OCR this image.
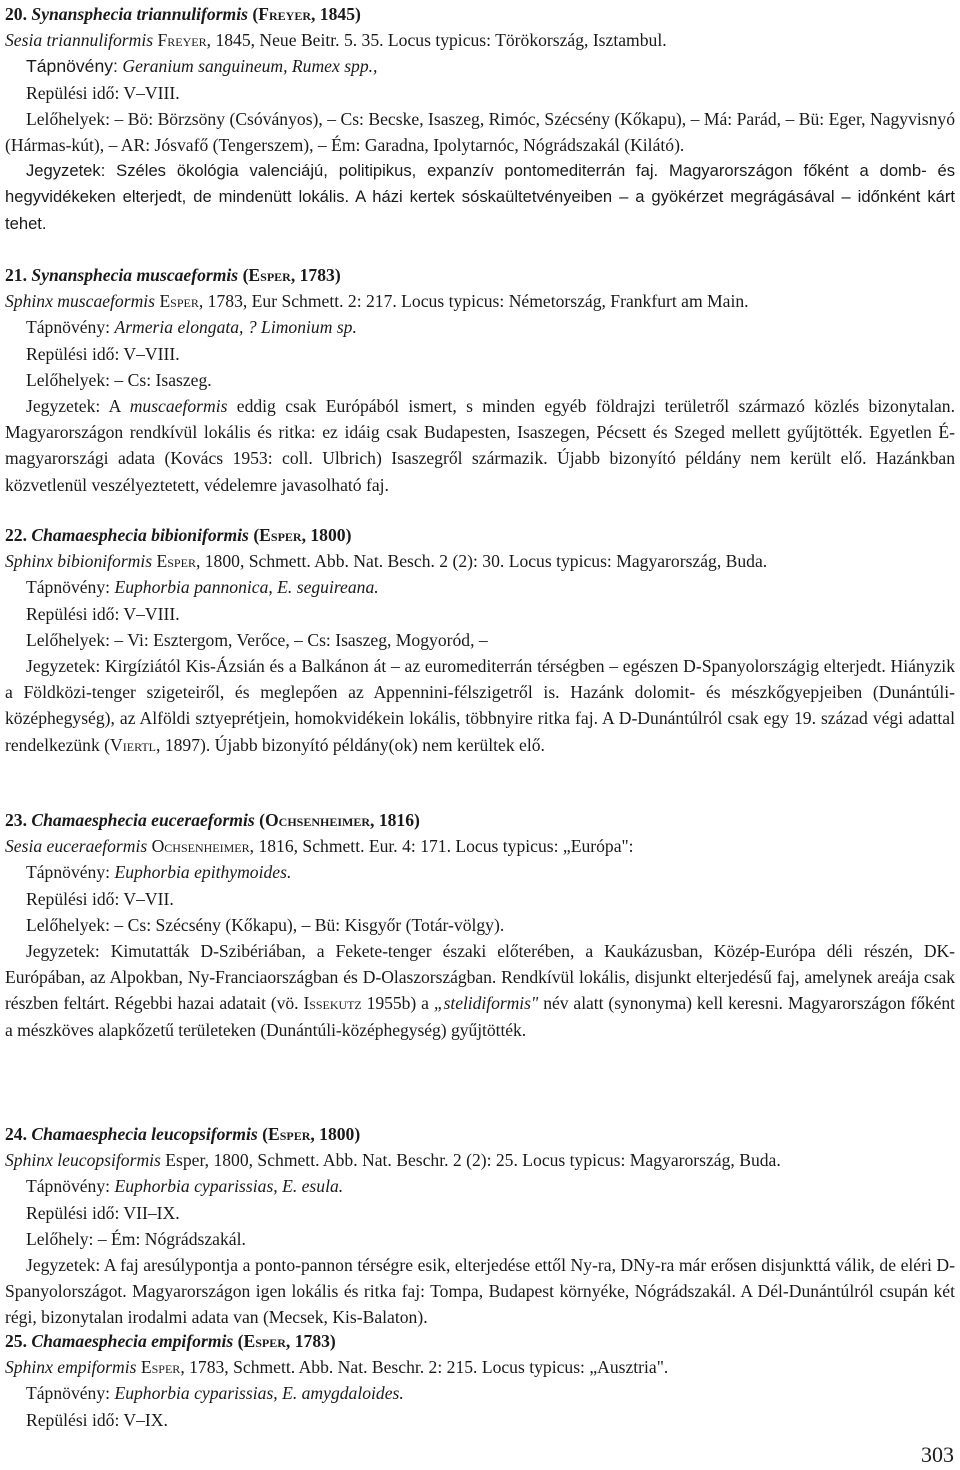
20. Synansphecia triannuliformis (Freyer, 1845)
Sesia triannuliformis Freyer, 1845, Neue Beitr. 5. 35. Locus typicus: Törökország, Isztambul.
Tápnövény: Geranium sanguineum, Rumex spp.,
Repülési idő: V–VIII.
Lelőhelyek: – Bö: Börzsöny (Csóványos), – Cs: Becske, Isaszeg, Rimóc, Szécsény (Kőkapu), – Má: Parád, – Bü: Eger, Nagyvisnyó (Hármas-kút), – AR: Jósvafő (Tengerszem), – Ém: Garadna, Ipolytarnóc, Nógrádszakál (Kilátó).
Jegyzetek: Széles ökológia valenciájú, politipikus, expanzív pontomediterrán faj. Magyarországon főként a domb- és hegyvidékeken elterjedt, de mindenütt lokális. A házi kertek sóskaültetvényeiben – a gyökérzet megrágásával – időnként kárt tehet.
21. Synansphecia muscaeformis (Esper, 1783)
Sphinx muscaeformis Esper, 1783, Eur Schmett. 2: 217. Locus typicus: Németország, Frankfurt am Main.
Tápnövény: Armeria elongata, ? Limonium sp.
Repülési idő: V–VIII.
Lelőhelyek: – Cs: Isaszeg.
Jegyzetek: A muscaeformis eddig csak Európából ismert, s minden egyéb földrajzi területről származó közlés bizonytalan. Magyarországon rendkívül lokális és ritka: ez idáig csak Budapesten, Isaszegen, Pécsett és Szeged mellett gyűjtötték. Egyetlen É-magyarországi adata (Kovács 1953: coll. Ulbrich) Isaszegről származik. Újabb bizonyító példány nem került elő. Hazánkban közvetlenül veszélyeztetett, védelemre javasolható faj.
22. Chamaesphecia bibioniformis (Esper, 1800)
Sphinx bibioniformis Esper, 1800, Schmett. Abb. Nat. Besch. 2 (2): 30. Locus typicus: Magyarország, Buda.
Tápnövény: Euphorbia pannonica, E. seguireana.
Repülési idő: V–VIII.
Lelőhelyek: – Vi: Esztergom, Verőce, – Cs: Isaszeg, Mogyoród, –
Jegyzetek: Kirgíziától Kis-Ázsián és a Balkánon át – az euromediterrán térségben – egészen D-Spanyolországig elterjedt. Hiányzik a Földközi-tenger szigeteiről, és meglepően az Appennini-félszigetről is. Hazánk dolomit- és mészkőgyepjeiben (Dunántúli-középhegység), az Alföldi sztyeprétjein, homokvidékein lokális, többnyire ritka faj. A D-Dunántúlról csak egy 19. század végi adattal rendelkezünk (Viertl, 1897). Újabb bizonyító példány(ok) nem kerültek elő.
23. Chamaesphecia euceraeformis (Ochsenheimer, 1816)
Sesia euceraeformis Ochsenheimer, 1816, Schmett. Eur. 4: 171. Locus typicus: „Európa":
Tápnövény: Euphorbia epithymoides.
Repülési idő: V–VII.
Lelőhelyek: – Cs: Szécsény (Kőkapu), – Bü: Kisgyőr (Totár-völgy).
Jegyzetek: Kimutatták D-Szibériában, a Fekete-tenger északi előterében, a Kaukázusban, Közép-Európa déli részén, DK-Európában, az Alpokban, Ny-Franciaországban és D-Olaszországban. Rendkívül lokális, disjunkt elterjedésű faj, amelynek areája csak részben feltárt. Régebbi hazai adatait (vö. Issekutz 1955b) a „stelidiformis" név alatt (synonyma) kell keresni. Magyarországon főként a mészköves alapkőzetű területeken (Dunántúli-középhegység) gyűjtötték.
24. Chamaesphecia leucopsiformis (Esper, 1800)
Sphinx leucopsiformis Esper, 1800, Schmett. Abb. Nat. Beschr. 2 (2): 25. Locus typicus: Magyarország, Buda.
Tápnövény: Euphorbia cyparissias, E. esula.
Repülési idő: VII–IX.
Lelőhely: – Ém: Nógrádszakál.
Jegyzetek: A faj aresúlypontja a ponto-pannon térségre esik, elterjedése ettől Ny-ra, DNy-ra már erősen disjunkttá válik, de eléri D-Spanyolországot. Magyarországon igen lokális és ritka faj: Tompa, Budapest környéke, Nógrádszakál. A Dél-Dunántúlról csupán két régi, bizonytalan irodalmi adata van (Mecsek, Kis-Balaton).
25. Chamaesphecia empiformis (Esper, 1783)
Sphinx empiformis Esper, 1783, Schmett. Abb. Nat. Beschr. 2: 215. Locus typicus: „Ausztria".
Tápnövény: Euphorbia cyparissias, E. amygdaloides.
Repülési idő: V–IX.
303
